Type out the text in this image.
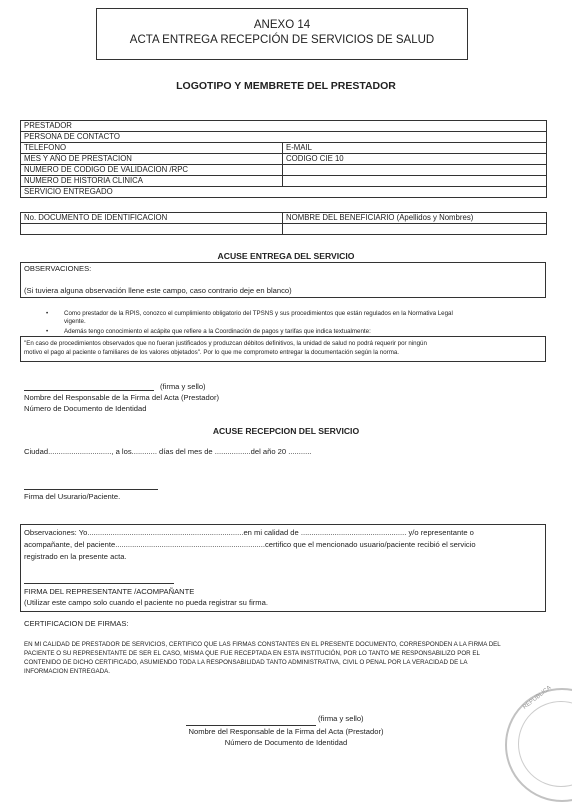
ANEXO 14
ACTA ENTREGA RECEPCIÓN DE SERVICIOS DE SALUD
LOGOTIPO Y MEMBRETE DEL PRESTADOR
PRESTADOR	
PERSONA DE CONTACTO	
TELEFONO	E-MAIL
MES Y AÑO DE PRESTACION	CODIGO CIE 10
NUMERO DE CODIGO DE VALIDACION /RPC	
NUMERO DE HISTORIA CLINICA	
SERVICIO ENTREGADO	
No. DOCUMENTO DE IDENTIFICACION	NOMBRE DEL BENEFICIARIO (Apellidos y Nombres)

ACUSE ENTREGA DEL SERVICIO
OBSERVACIONES:
(Si tuviera alguna observación llene este campo, caso contrario deje en blanco)
•	Como prestador de la RPIS, conozco el cumplimiento obligatorio del TPSNS y sus procedimientos que están regulados en la Normativa Legal
vigente.
•	Además tengo conocimiento el acápite que refiere a la Coordinación de pagos y tarifas que indica textualmente:
"En caso de procedimientos observados que no fueran justificados y produzcan débitos definitivos, la unidad de salud no podrá requerir por ningún
motivo el pago al paciente o familiares de los valores objetados". Por lo que me comprometo entregar la documentación según la norma.
(firma y sello)
Nombre del Responsable de la Firma del Acta (Prestador)
Número de Documento de Identidad
ACUSE RECEPCION DEL SERVICIO
Ciudad.............................., a los............ días del mes de .................del año 20 ...........
Firma del Usurario/Paciente.
Observaciones: Yo..........................................................................en mi calidad de .................................................. y/o representante o
acompañante, del paciente.......................................................................certifico que el mencionado usuario/paciente recibió el servicio
registrado en la presente acta.
FIRMA DEL REPRESENTANTE /ACOMPAÑANTE
(Utilizar este campo solo cuando el paciente no pueda registrar su firma.
CERTIFICACION DE FIRMAS:
EN MI CALIDAD DE PRESTADOR DE SERVICIOS, CERTIFICO QUE LAS FIRMAS CONSTANTES EN EL PRESENTE DOCUMENTO, CORRESPONDEN A LA FIRMA DEL
PACIENTE O SU REPRESENTANTE DE SER EL CASO, MISMA QUE FUE RECEPTADA EN ESTA INSTITUCIÓN, POR LO TANTO ME RESPONSABILIZO POR EL
CONTENIDO DE DICHO CERTIFICADO, ASUMIENDO TODA LA RESPONSABILIDAD TANTO ADMINISTRATIVA, CIVIL O PENAL POR LA VERACIDAD DE LA
INFORMACION ENTREGADA.
(firma y sello)
Nombre del Responsable de la Firma del Acta (Prestador)
Número de Documento de Identidad
REPUBLICA
